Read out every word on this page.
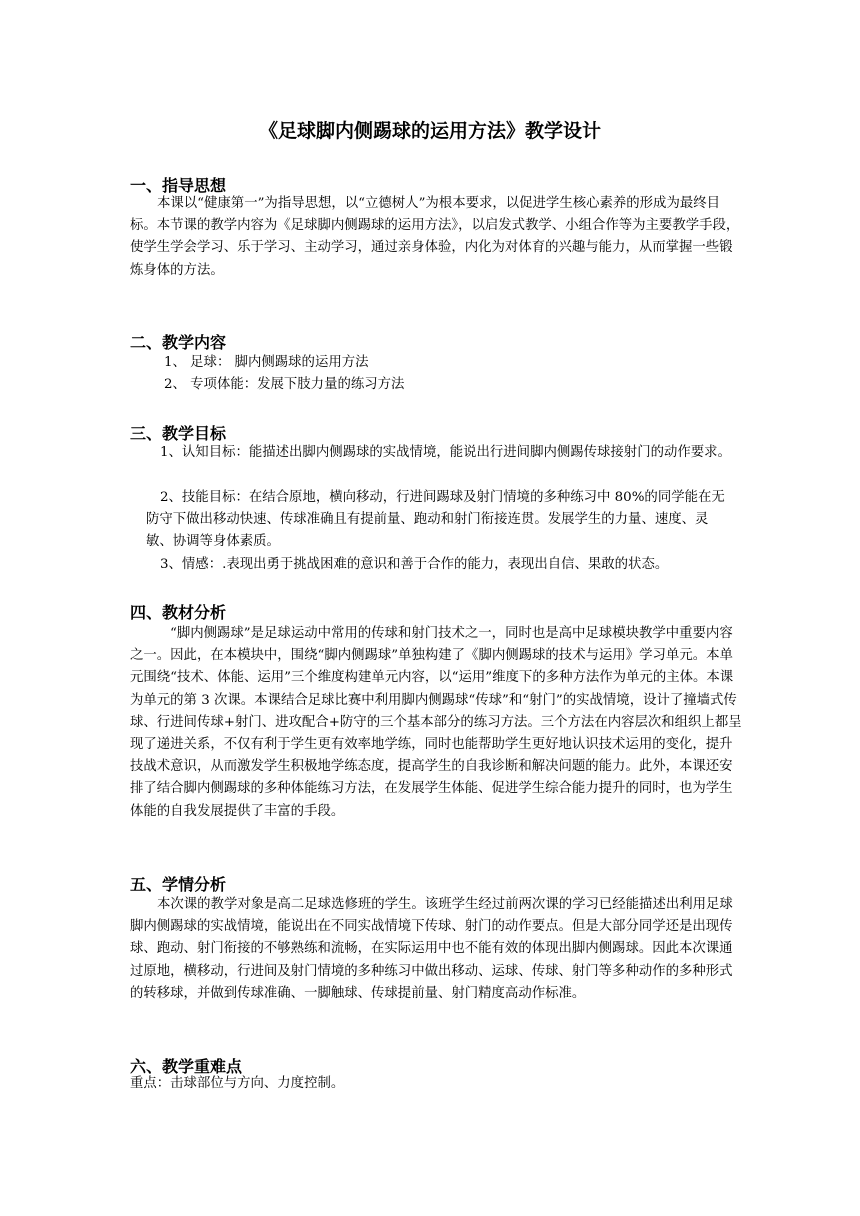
《足球脚内侧踢球的运用方法》教学设计
一、指导思想

本课以“健康第一”为指导思想，以“立德树人”为根本要求，以促进学生核心素养的形成为最终目标。本节课的教学内容为《足球脚内侧踢球的运用方法》，以启发式教学、小组合作等为主要教学手段，使学生学会学习、乐于学习、主动学习，通过亲身体验，内化为对体育的兴趣与能力，从而掌握一些锻炼身体的方法。

二、教学内容
1、 足球： 脚内侧踢球的运用方法
2、 专项体能：发展下肢力量的练习方法
三、教学目标

1、认知目标：能描述出脚内侧踢球的实战情境，能说出行进间脚内侧踢传球接射门的动作要求。

2、技能目标：在结合原地，横向移动，行进间踢球及射门情境的多种练习中 80%的同学能在无防守下做出移动快速、传球准确且有提前量、跑动和射门衔接连贯。发展学生的力量、速度、灵敏、协调等身体素质。

3、情感：.表现出勇于挑战困难的意识和善于合作的能力，表现出自信、果敢的状态。

四、教材分析

“脚内侧踢球”是足球运动中常用的传球和射门技术之一，同时也是高中足球模块教学中重要内容之一。因此，在本模块中，围绕“脚内侧踢球”单独构建了《脚内侧踢球的技术与运用》学习单元。本单元围绕“技术、体能、运用”三个维度构建单元内容，以“运用”维度下的多种方法作为单元的主体。本课为单元的第 3 次课。本课结合足球比赛中利用脚内侧踢球“传球”和“射门”的实战情境，设计了撞墙式传球、行进间传球+射门、进攻配合+防守的三个基本部分的练习方法。三个方法在内容层次和组织上都呈现了递进关系，不仅有利于学生更有效率地学练，同时也能帮助学生更好地认识技术运用的变化，提升技战术意识，从而激发学生积极地学练态度，提高学生的自我诊断和解决问题的能力。此外，本课还安排了结合脚内侧踢球的多种体能练习方法，在发展学生体能、促进学生综合能力提升的同时，也为学生体能的自我发展提供了丰富的手段。

五、学情分析

本次课的教学对象是高二足球选修班的学生。该班学生经过前两次课的学习已经能描述出利用足球脚内侧踢球的实战情境，能说出在不同实战情境下传球、射门的动作要点。但是大部分同学还是出现传球、跑动、射门衔接的不够熟练和流畅，在实际运用中也不能有效的体现出脚内侧踢球。因此本次课通过原地，横移动，行进间及射门情境的多种练习中做出移动、运球、传球、射门等多种动作的多种形式的转移球，并做到传球准确、一脚触球、传球提前量、射门精度高动作标准。

六、教学重难点
重点：击球部位与方向、力度控制。
